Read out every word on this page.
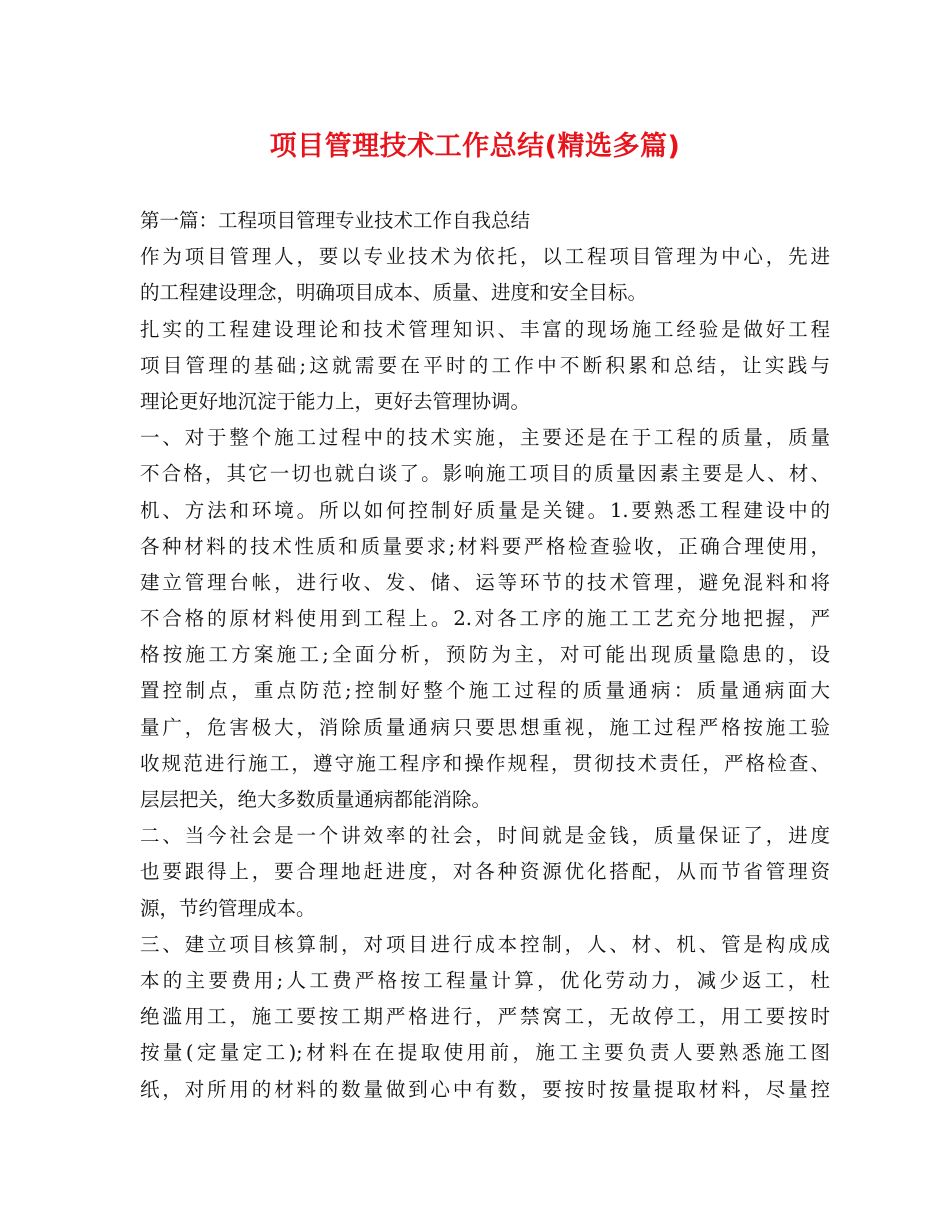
项目管理技术工作总结(精选多篇)
第一篇：工程项目管理专业技术工作自我总结
作为项目管理人，要以专业技术为依托，以工程项目管理为中心，先进
的工程建设理念，明确项目成本、质量、进度和安全目标。
扎实的工程建设理论和技术管理知识、丰富的现场施工经验是做好工程
项目管理的基础;这就需要在平时的工作中不断积累和总结，让实践与
理论更好地沉淀于能力上，更好去管理协调。
一、对于整个施工过程中的技术实施，主要还是在于工程的质量，质量
不合格，其它一切也就白谈了。影响施工项目的质量因素主要是人、材、
机、方法和环境。所以如何控制好质量是关键。1.要熟悉工程建设中的
各种材料的技术性质和质量要求;材料要严格检查验收，正确合理使用，
建立管理台帐，进行收、发、储、运等环节的技术管理，避免混料和将
不合格的原材料使用到工程上。2.对各工序的施工工艺充分地把握，严
格按施工方案施工;全面分析，预防为主，对可能出现质量隐患的，设
置控制点，重点防范;控制好整个施工过程的质量通病：质量通病面大
量广，危害极大，消除质量通病只要思想重视，施工过程严格按施工验
收规范进行施工，遵守施工程序和操作规程，贯彻技术责任，严格检查、
层层把关，绝大多数质量通病都能消除。
二、当今社会是一个讲效率的社会，时间就是金钱，质量保证了，进度
也要跟得上，要合理地赶进度，对各种资源优化搭配，从而节省管理资
源，节约管理成本。
三、建立项目核算制，对项目进行成本控制，人、材、机、管是构成成
本的主要费用;人工费严格按工程量计算，优化劳动力，减少返工，杜
绝滥用工，施工要按工期严格进行，严禁窝工，无故停工，用工要按时
按量(定量定工);材料在在提取使用前，施工主要负责人要熟悉施工图
纸，对所用的材料的数量做到心中有数，要按时按量提取材料，尽量控
